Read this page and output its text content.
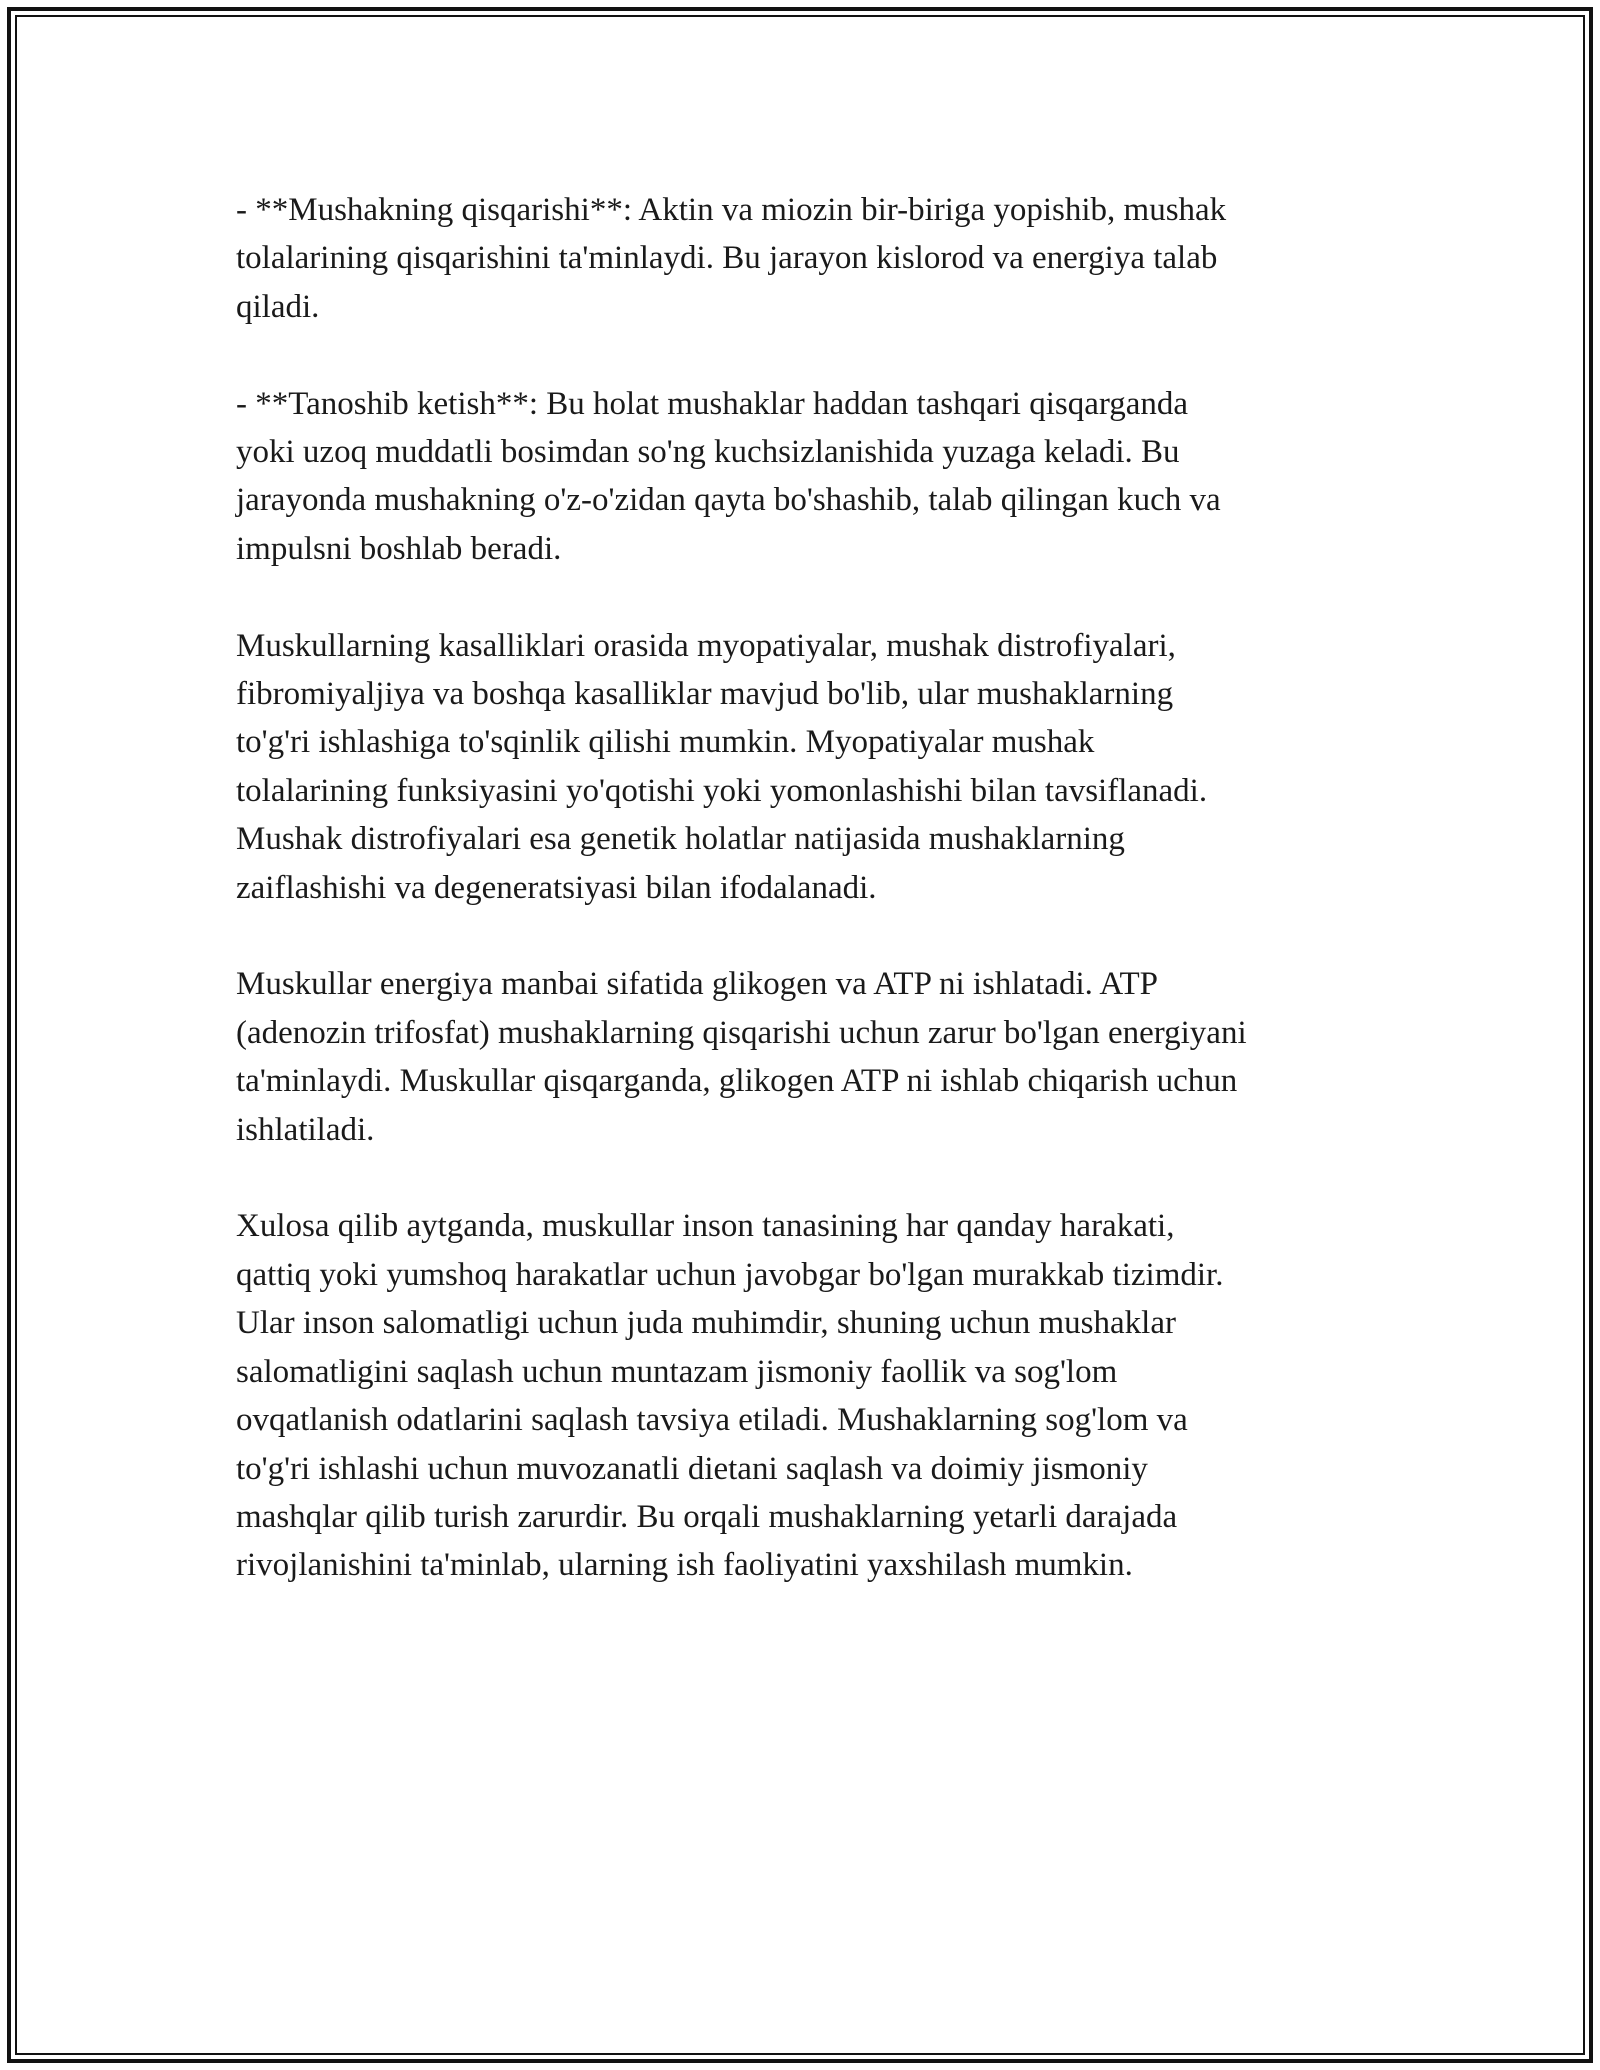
- **Mushakning qisqarishi**: Aktin va miozin bir-biriga yopishib, mushak
tolalarining qisqarishini ta'minlaydi. Bu jarayon kislorod va energiya talab
qiladi.

- **Tanoshib ketish**: Bu holat mushaklar haddan tashqari qisqarganda
yoki uzoq muddatli bosimdan so'ng kuchsizlanishida yuzaga keladi. Bu
jarayonda mushakning o'z-o'zidan qayta bo'shashib, talab qilingan kuch va
impulsni boshlab beradi.

Muskullarning kasalliklari orasida myopatiyalar, mushak distrofiyalari,
fibromiyaljiya va boshqa kasalliklar mavjud bo'lib, ular mushaklarning
to'g'ri ishlashiga to'sqinlik qilishi mumkin. Myopatiyalar mushak
tolalarining funksiyasini yo'qotishi yoki yomonlashishi bilan tavsiflanadi.
Mushak distrofiyalari esa genetik holatlar natijasida mushaklarning
zaiflashishi va degeneratsiyasi bilan ifodalanadi.

Muskullar energiya manbai sifatida glikogen va ATP ni ishlatadi. ATP
(adenozin trifosfat) mushaklarning qisqarishi uchun zarur bo'lgan energiyani
ta'minlaydi. Muskullar qisqarganda, glikogen ATP ni ishlab chiqarish uchun
ishlatiladi.

Xulosa qilib aytganda, muskullar inson tanasining har qanday harakati,
qattiq yoki yumshoq harakatlar uchun javobgar bo'lgan murakkab tizimdir.
Ular inson salomatligi uchun juda muhimdir, shuning uchun mushaklar
salomatligini saqlash uchun muntazam jismoniy faollik va sog'lom
ovqatlanish odatlarini saqlash tavsiya etiladi. Mushaklarning sog'lom va
to'g'ri ishlashi uchun muvozanatli dietani saqlash va doimiy jismoniy
mashqlar qilib turish zarurdir. Bu orqali mushaklarning yetarli darajada
rivojlanishini ta'minlab, ularning ish faoliyatini yaxshilash mumkin.
